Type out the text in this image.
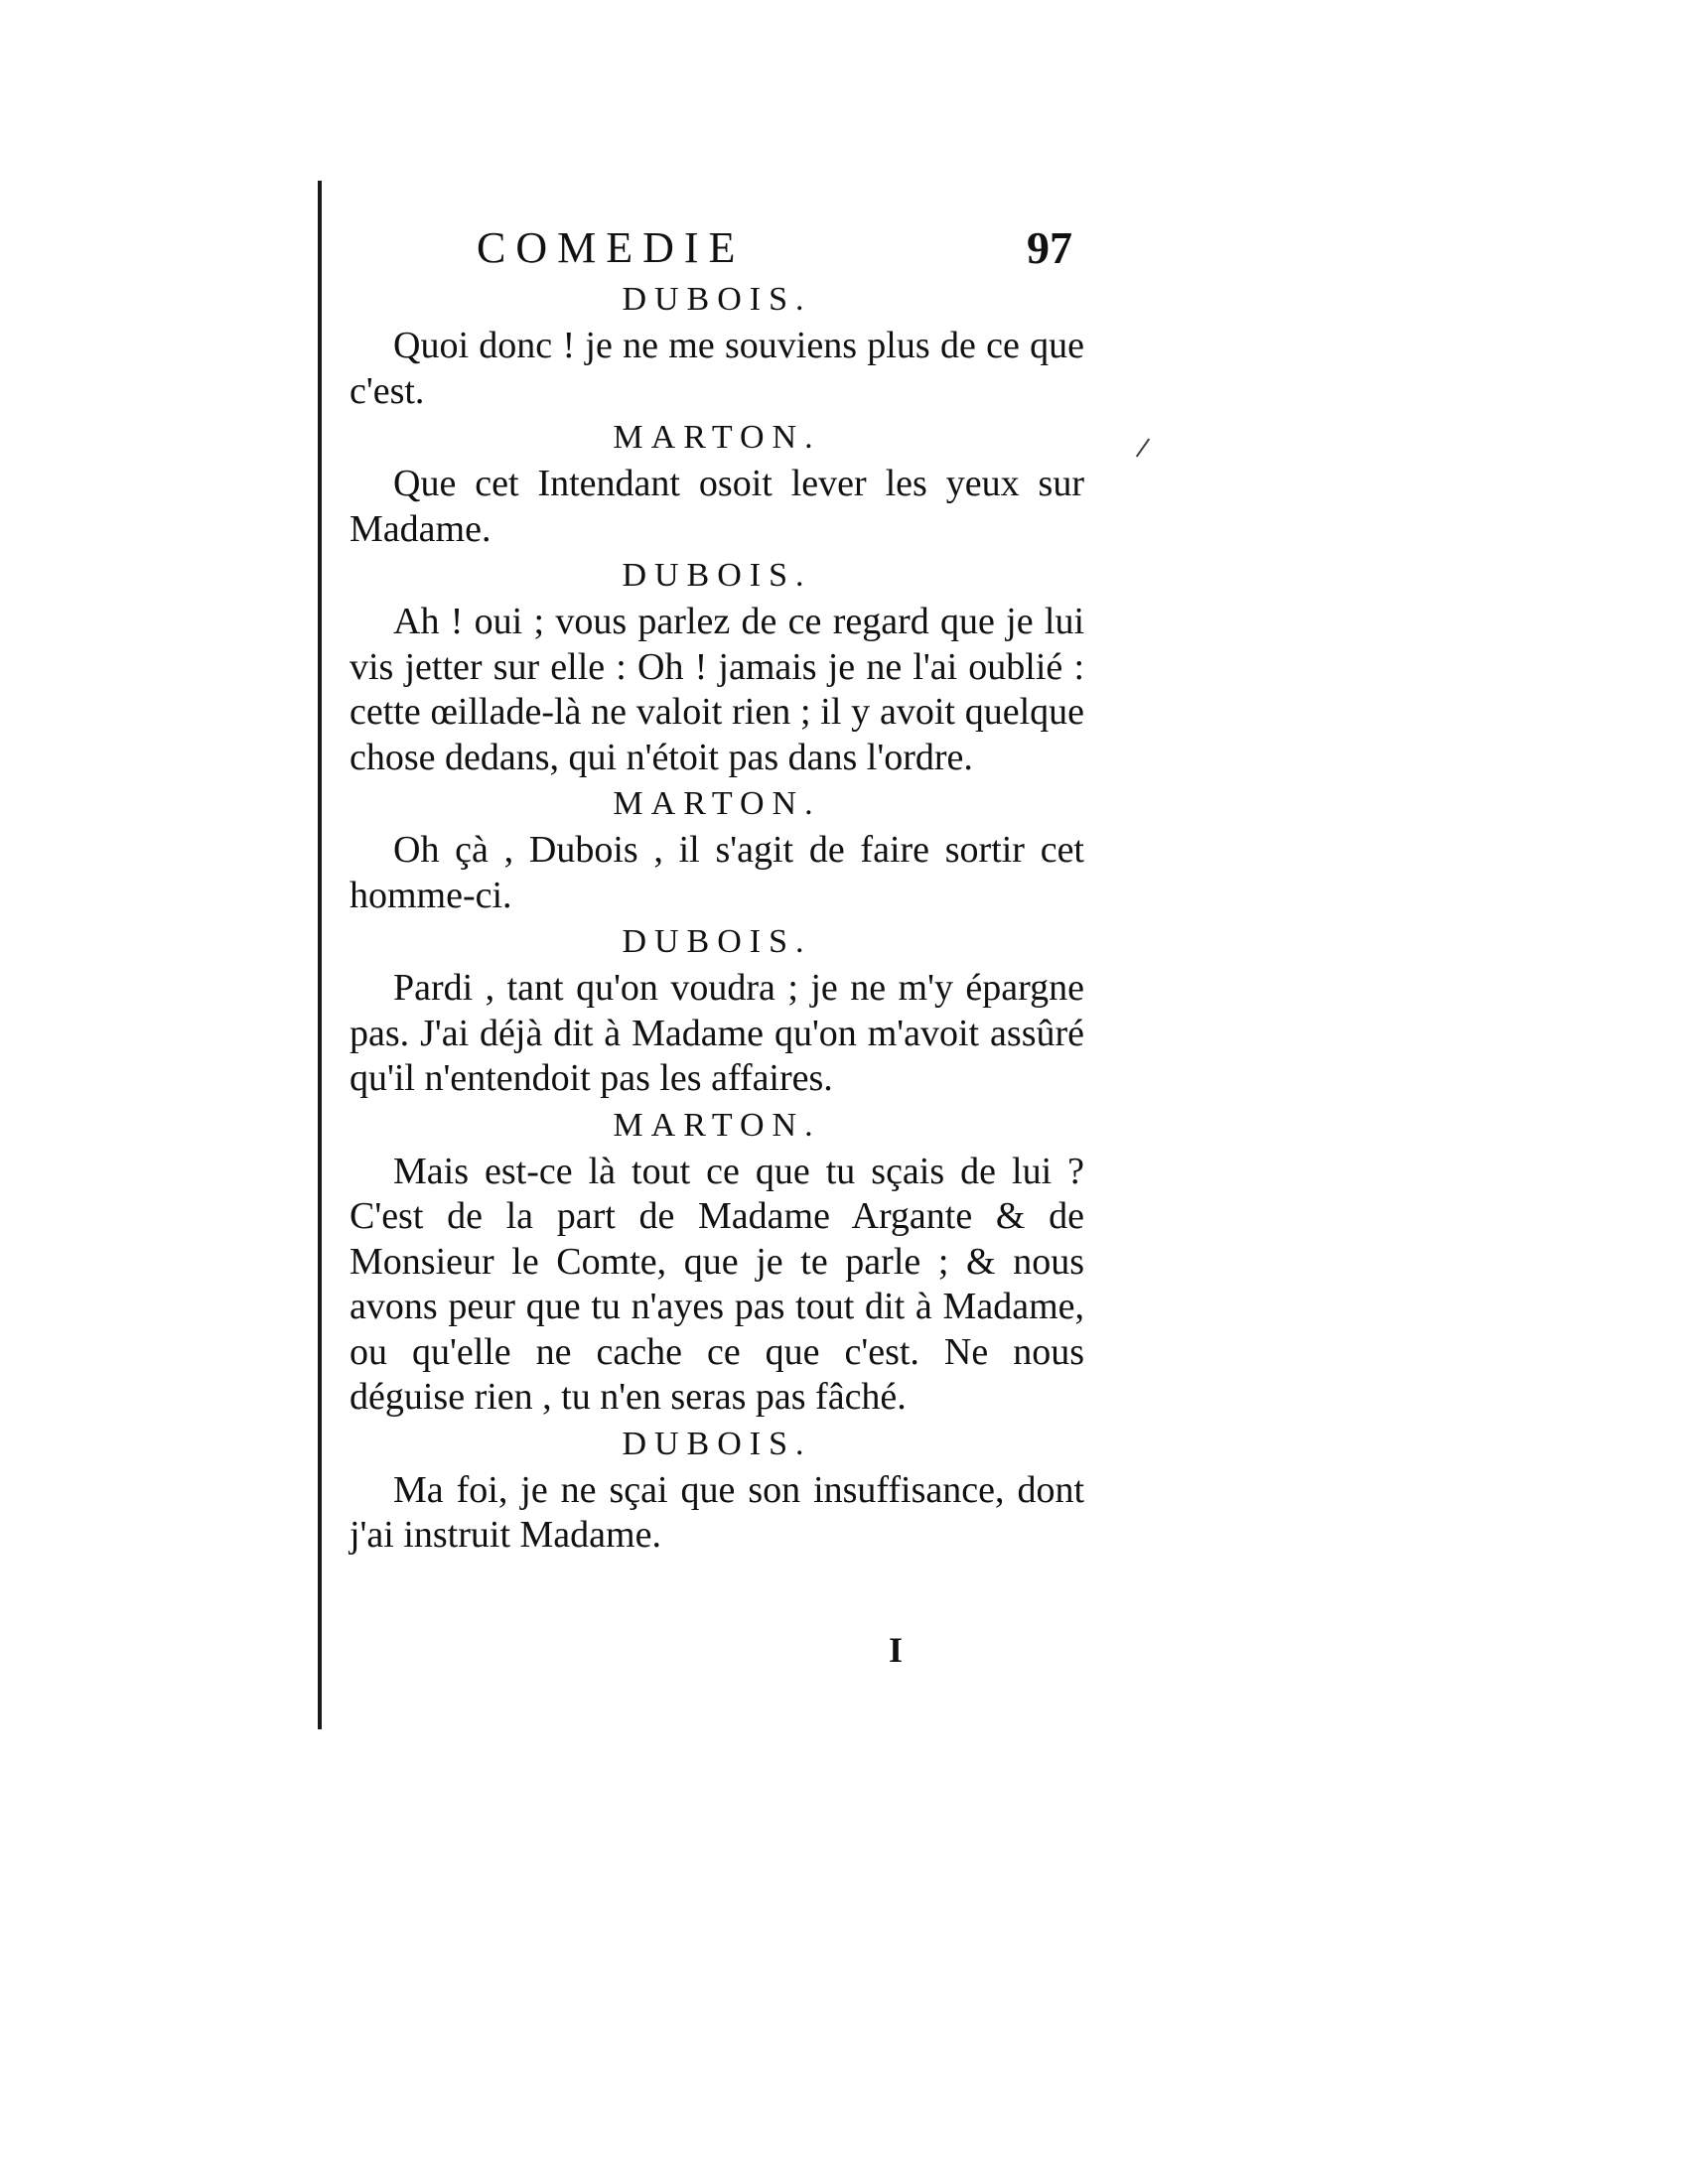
COMEDIE	97
DUBOIS.

Quoi donc ! je ne me souviens plus de ce que c'est.

MARTON.

Que cet Intendant osoit lever les yeux sur Madame.

DUBOIS.

Ah ! oui ; vous parlez de ce regard que je lui vis jetter sur elle : Oh ! jamais je ne l'ai oublié : cette œillade-là ne valoit rien ; il y avoit quelque chose dedans, qui n'étoit pas dans l'ordre.

MARTON.

Oh çà , Dubois , il s'agit de faire sortir cet homme-ci.

DUBOIS.

Pardi , tant qu'on voudra ; je ne m'y épargne pas. J'ai déjà dit à Madame qu'on m'avoit assûré qu'il n'entendoit pas les affaires.

MARTON.

Mais est-ce là tout ce que tu sçais de lui ? C'est de la part de Madame Argante & de Monsieur le Comte, que je te parle ; & nous avons peur que tu n'ayes pas tout dit à Madame, ou qu'elle ne cache ce que c'est. Ne nous déguise rien , tu n'en seras pas fâché.

DUBOIS.

Ma foi, je ne sçai que son insuffisance, dont j'ai instruit Madame.

I
